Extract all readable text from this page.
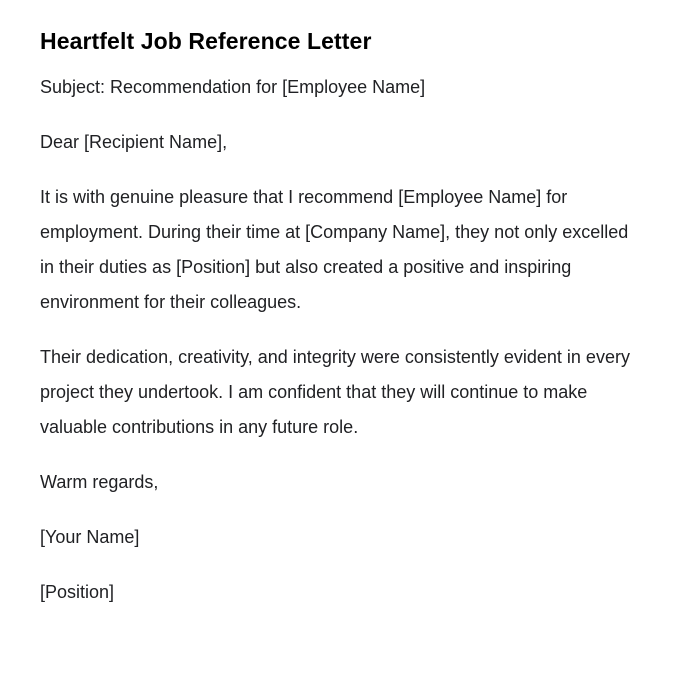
Heartfelt Job Reference Letter

Subject: Recommendation for [Employee Name]

Dear [Recipient Name],

It is with genuine pleasure that I recommend [Employee Name] for employment. During their time at [Company Name], they not only excelled in their duties as [Position] but also created a positive and inspiring environment for their colleagues.

Their dedication, creativity, and integrity were consistently evident in every project they undertook. I am confident that they will continue to make valuable contributions in any future role.

Warm regards,

[Your Name]

[Position]
